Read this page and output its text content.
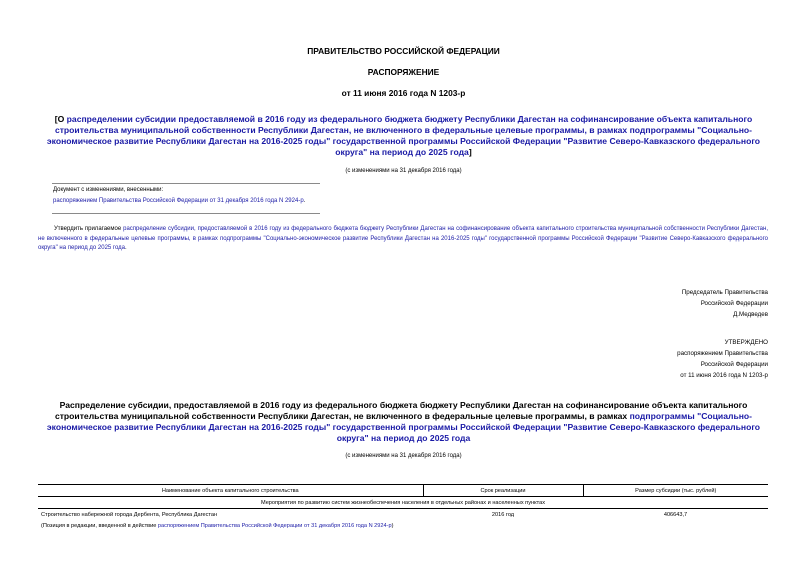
ПРАВИТЕЛЬСТВО РОССИЙСКОЙ ФЕДЕРАЦИИ
РАСПОРЯЖЕНИЕ
от 11 июня 2016 года N 1203-р
[О распределении субсидии предоставляемой в 2016 году из федерального бюджета бюджету Республики Дагестан на софинансирование объекта капитального строительства муниципальной собственности Республики Дагестан, не включенного в федеральные целевые программы, в рамках подпрограммы "Социально-экономическое развитие Республики Дагестан на 2016-2025 годы" государственной программы Российской Федерации "Развитие Северо-Кавказского федерального округа" на период до 2025 года]
(с изменениями на 31 декабря 2016 года)
Документ с изменениями, внесенными:
распоряжением Правительства Российской Федерации от 31 декабря 2016 года N 2924-р.
Утвердить прилагаемое распределение субсидии, предоставляемой в 2016 году из федерального бюджета бюджету Республики Дагестан на софинансирование объекта капитального строительства муниципальной собственности Республики Дагестан, не включенного в федеральные целевые программы, в рамках подпрограммы "Социально-экономическое развитие Республики Дагестан на 2016-2025 годы" государственной программы Российской Федерации "Развитие Северо-Кавказского федерального округа" на период до 2025 года.
Председатель Правительства
Российской Федерации
Д.Медведев
УТВЕРЖДЕНО
распоряжением Правительства
Российской Федерации
от 11 июня 2016 года N 1203-р
Распределение субсидии, предоставляемой в 2016 году из федерального бюджета бюджету Республики Дагестан на софинансирование объекта капитального строительства муниципальной собственности Республики Дагестан, не включенного в федеральные целевые программы, в рамках подпрограммы "Социально-экономическое развитие Республики Дагестан на 2016-2025 годы" государственной программы Российской Федерации "Развитие Северо-Кавказского федерального округа" на период до 2025 года
(с изменениями на 31 декабря 2016 года)
Наименование объекта капитального строительства	Срок реализации	Размер субсидии (тыс. рублей)
Мероприятия по развитию систем жизнеобеспечения населения в отдельных районах и населенных пунктах		
Строительство набережной города Дербента, Республика Дагестан	2016 год	406643,7
(Позиция в редакции, введенной в действие распоряжением Правительства Российской Федерации от 31 декабря 2016 года N 2924-р)		
